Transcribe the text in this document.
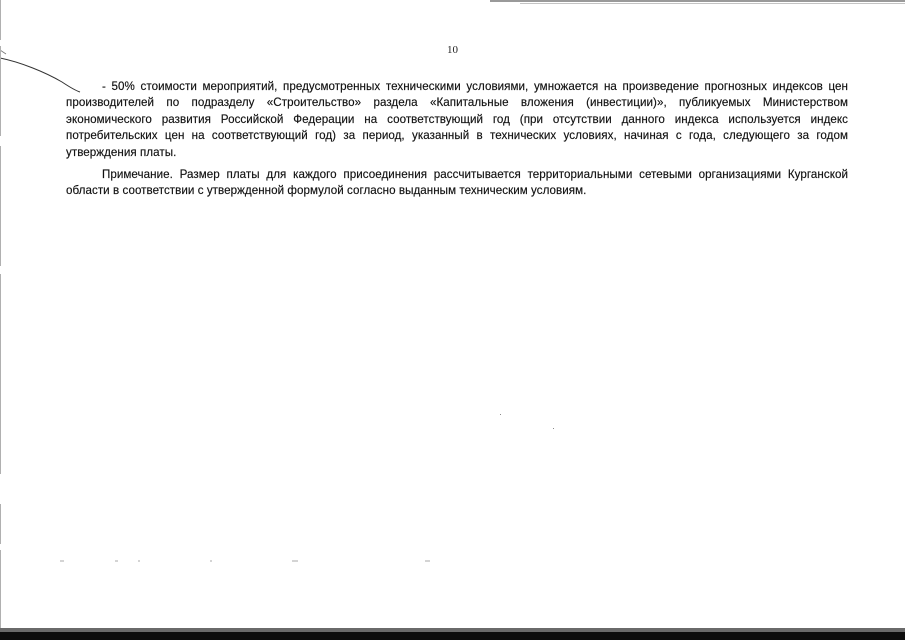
10
- 50% стоимости мероприятий, предусмотренных техническими условиями, умножается на произведение прогнозных индексов цен производителей по подразделу «Строительство» раздела «Капитальные вложения (инвестиции)», публикуемых Министерством экономического развития Российской Федерации на соответствующий год (при отсутствии данного индекса используется индекс потребительских цен на соответствующий год) за период, указанный в технических условиях, начиная с года, следующего за годом утверждения платы.
Примечание. Размер платы для каждого присоединения рассчитывается территориальными сетевыми организациями Курганской области в соответствии с утвержденной формулой согласно выданным техническим условиям.
